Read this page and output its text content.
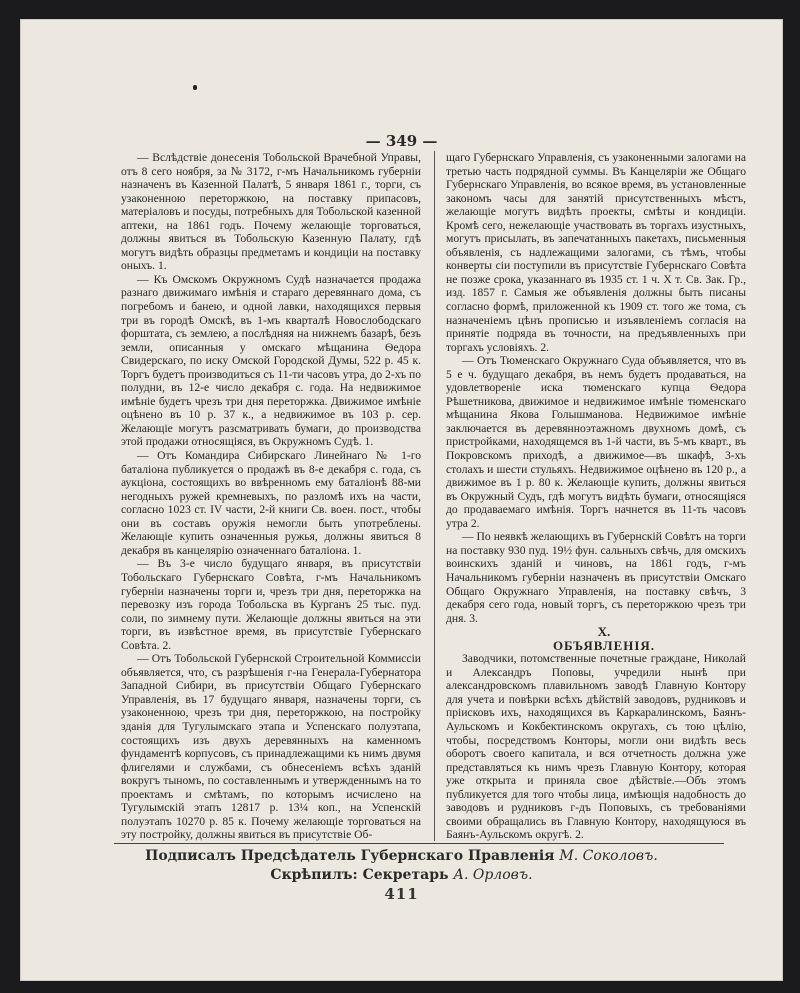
— 349 —

— Вслѣдствіе донесенія Тобольской Врачебной Управы, отъ 8 сего ноября, за № 3172, г-мъ Начальникомъ губерніи назначенъ въ Казенной Палатѣ, 5 января 1861 г., торги, съ узаконенною переторжкою, на поставку припасовъ, матеріаловъ и посуды, потребныхъ для Тобольской казенной аптеки, на 1861 годъ. Почему желающіе торговаться, должны явиться въ Тобольскую Казенную Палату, гдѣ могутъ видѣть образцы предметамъ и кондиціи на поставку оныхъ. 1.

— Къ Омскомъ Окружномъ Судѣ назначается продажа разнаго движимаго имѣнія и стараго деревяннаго дома, съ погребомъ и банею, и одной лавки, находящихся первыя три въ городѣ Омскѣ, въ 1-мъ кварталѣ Новослободскаго форштата, съ землею, а послѣдняя на нижнемъ базарѣ, безъ земли, описанныя у омскаго мѣщанина Ѳедора Свидерскаго, по иску Омской Городской Думы, 522 р. 45 к. Торгъ будетъ производиться съ 11-ти часовъ утра, до 2-хъ по полудни, въ 12-е число декабря с. года. На недвижимое имѣніе будетъ чрезъ три дня переторжка. Движимое имѣніе оцѣнено въ 10 р. 37 к., а недвижимое въ 103 р. сер. Желающіе могутъ разсматривать бумаги, до производства этой продажи относящіяся, въ Окружномъ Судѣ. 1.

— Отъ Командира Сибирскаго Линейнаго № 1-го баталіона публикуется о продажѣ въ 8-е декабря с. года, съ аукціона, состоящихъ во ввѣренномъ ему баталіонѣ 88-ми негодныхъ ружей кремневыхъ, по разломѣ ихъ на части, согласно 1023 ст. IV части, 2-й книги Св. воен. пост., чтобы они въ составъ оружія немогли быть употреблены. Желающіе купить означенныя ружья, должны явиться 8 декабря въ канцелярію означеннаго баталіона. 1.

— Въ 3-е число будущаго января, въ присутствіи Тобольскаго Губернскаго Совѣта, г-мъ Начальникомъ губерніи назначены торги и, чрезъ три дня, переторжка на перевозку изъ города Тобольска въ Курганъ 25 тыс. пуд. соли, по зимнему пути. Желающіе должны явиться на эти торги, въ извѣстное время, въ присутствіе Губернскаго Совѣта. 2.

— Отъ Тобольской Губернской Строительной Коммиссіи объявляется, что, съ разрѣшенія г-на Генерала-Губернатора Западной Сибири, въ присутствіи Общаго Губернскаго Управленія, въ 17 будущаго января, назначены торги, съ узаконенною, чрезъ три дня, переторжкою, на постройку зданія для Тугулымскаго этапа и Успенскаго полуэтапа, состоящихъ изъ двухъ деревянныхъ на каменномъ фундаментѣ корпусовъ, съ принадлежащими къ нимъ двумя флигелями и службами, съ обнесеніемъ всѣхъ зданій вокругъ тыномъ, по составленнымъ и утвержденнымъ на то проектамъ и смѣтамъ, по которымъ исчислено на Тугулымскій этапъ 12817 р. 13¼ коп., на Успенскій полуэтапъ 10270 р. 85 к. Почему желающіе торговаться на эту постройку, должны явиться въ присутствіе Об-

щаго Губернскаго Управленія, съ узаконенными залогами на третью часть подрядной суммы. Въ Канцеляріи же Общаго Губернскаго Управленія, во всякое время, въ установленные закономъ часы для занятій присутственныхъ мѣстъ, желающіе могутъ видѣть проекты, смѣты и кондиціи. Кромѣ сего, нежелающіе участвовать въ торгахъ изустныхъ, могутъ присылать, въ запечатанныхъ пакетахъ, письменныя объявленія, съ надлежащими залогами, съ тѣмъ, чтобы конверты сіи поступили въ присутствіе Губернскаго Совѣта не позже срока, указаннаго въ 1935 ст. 1 ч. X т. Св. Зак. Гр., изд. 1857 г. Самыя же объявленія должны быть писаны согласно формѣ, приложенной къ 1909 ст. того же тома, съ назначеніемъ цѣнъ прописью и изъявленіемъ согласія на принятіе подряда въ точности, на предъявленныхъ при торгахъ условіяхъ. 2.

— Отъ Тюменскаго Окружнаго Суда объявляется, что въ 5 е ч. будущаго декабря, въ немъ будетъ продаваться, на удовлетвореніе иска тюменскаго купца Ѳедора Рѣшетникова, движимое и недвижимое имѣніе тюменскаго мѣщанина Якова Голышманова. Недвижимое имѣніе заключается въ деревянноэтажномъ двухномъ домѣ, съ пристройками, находящемся въ 1-й части, въ 5-мъ кварт., въ Покровскомъ приходѣ, а движимое—въ шкафѣ, 3-хъ столахъ и шести стульяхъ. Недвижимое оцѣнено въ 120 р., а движимое въ 1 р. 80 к. Желающіе купить, должны явиться въ Окружный Судъ, гдѣ могутъ видѣть бумаги, относящіяся до продаваемаго имѣнія. Торгъ начнется въ 11-ть часовъ утра 2.

— По неявкѣ желающихъ въ Губернскій Совѣтъ на торги на поставку 930 пуд. 19½ фун. сальныхъ свѣчь, для омскихъ воинскихъ зданій и чиновъ, на 1861 годъ, г-мъ Начальникомъ губерніи назначенъ въ присутствіи Омскаго Общаго Окружнаго Управленія, на поставку свѣчъ, 3 декабря сего года, новый торгъ, съ переторжкою чрезъ три дня. 3.

X.

ОБЪЯВЛЕНІЯ.

Заводчики, потомственные почетные граждане, Николай и Александръ Поповы, учредили нынѣ при александровскомъ плавильномъ заводѣ Главную Контору для учета и повѣрки всѣхъ дѣйствій заводовъ, рудниковъ и пріисковъ ихъ, находящихся въ Каркаралинскомъ, Баянъ-Аульскомъ и Кокбектинскомъ округахъ, съ тою цѣлію, чтобы, посредствомъ Конторы, могли они видѣть весь оборотъ своего капитала, и вся отчетность должна уже представляться къ нимъ чрезъ Главную Контору, которая уже открыта и приняла свое дѣйствіе.—Объ этомъ публикуется для того чтобы лица, имѣющія надобность до заводовъ и рудниковъ г-дъ Поповыхъ, съ требованіями своими обращались въ Главную Контору, находящуюся въ Баянъ-Аульскомъ округѣ. 2.

Подписалъ Предсѣдатель Губернскаго Правленія М. Соколовъ.
Скрѣпилъ: Секретарь А. Орловъ.
411
